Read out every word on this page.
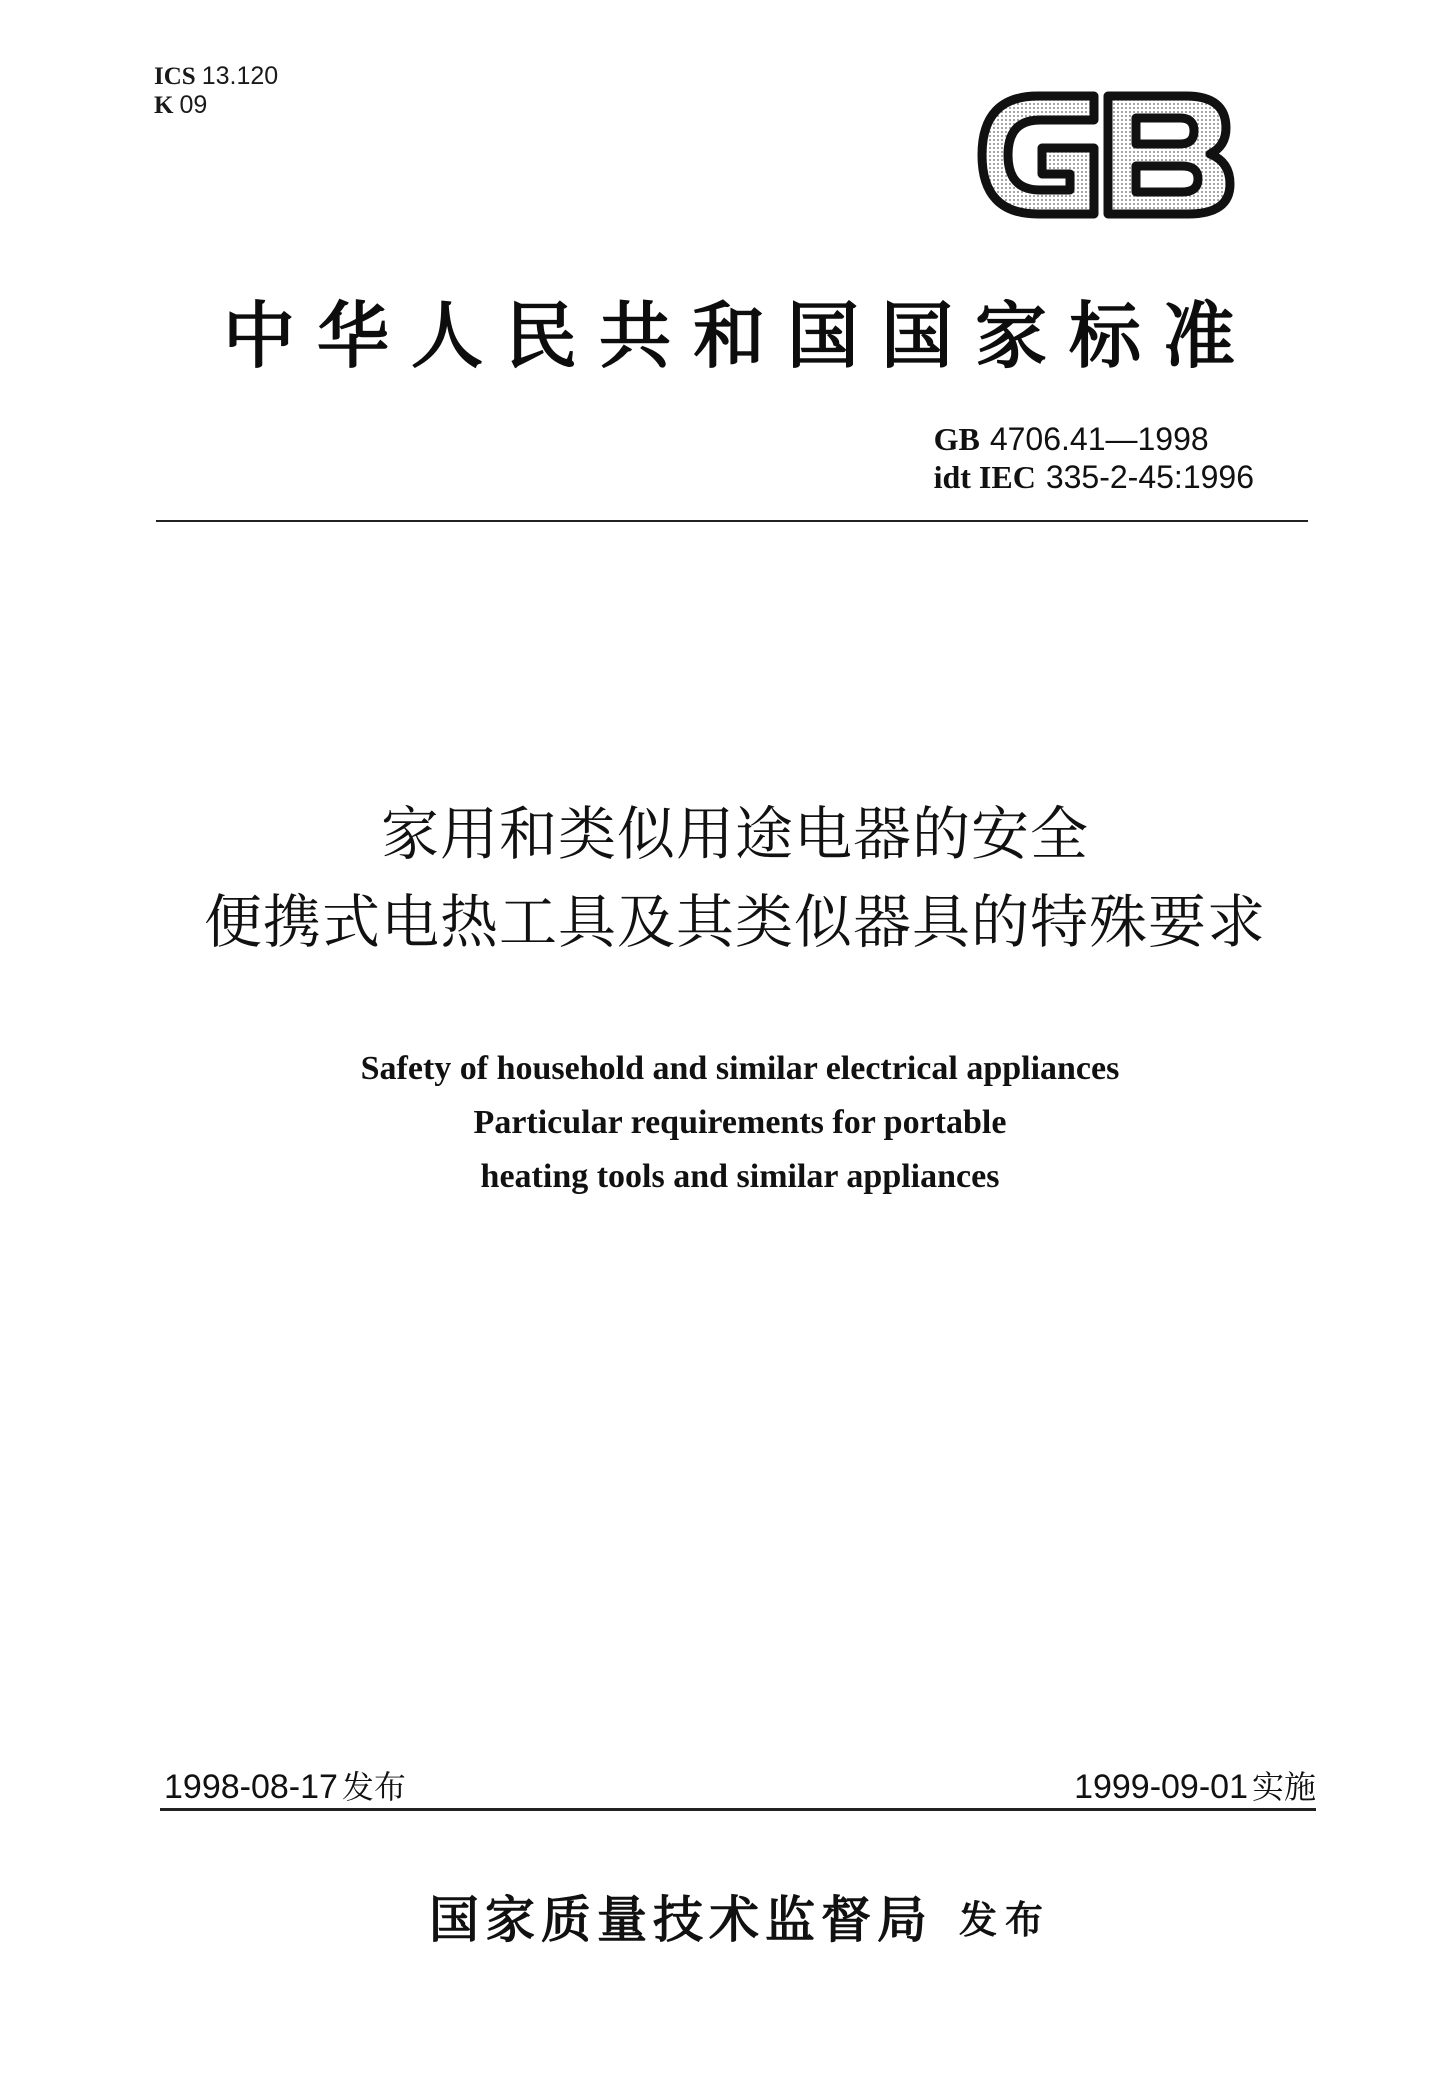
ICS 13.120
K 09
中华人民共和国国家标准
GB 4706.41—1998
idt IEC 335-2-45:1996
家用和类似用途电器的安全
便携式电热工具及其类似器具的特殊要求
Safety of household and similar electrical appliances
Particular requirements for portable
heating tools and similar appliances
1998-08-17 发布	1999-09-01 实施
国家质量技术监督局 发布
